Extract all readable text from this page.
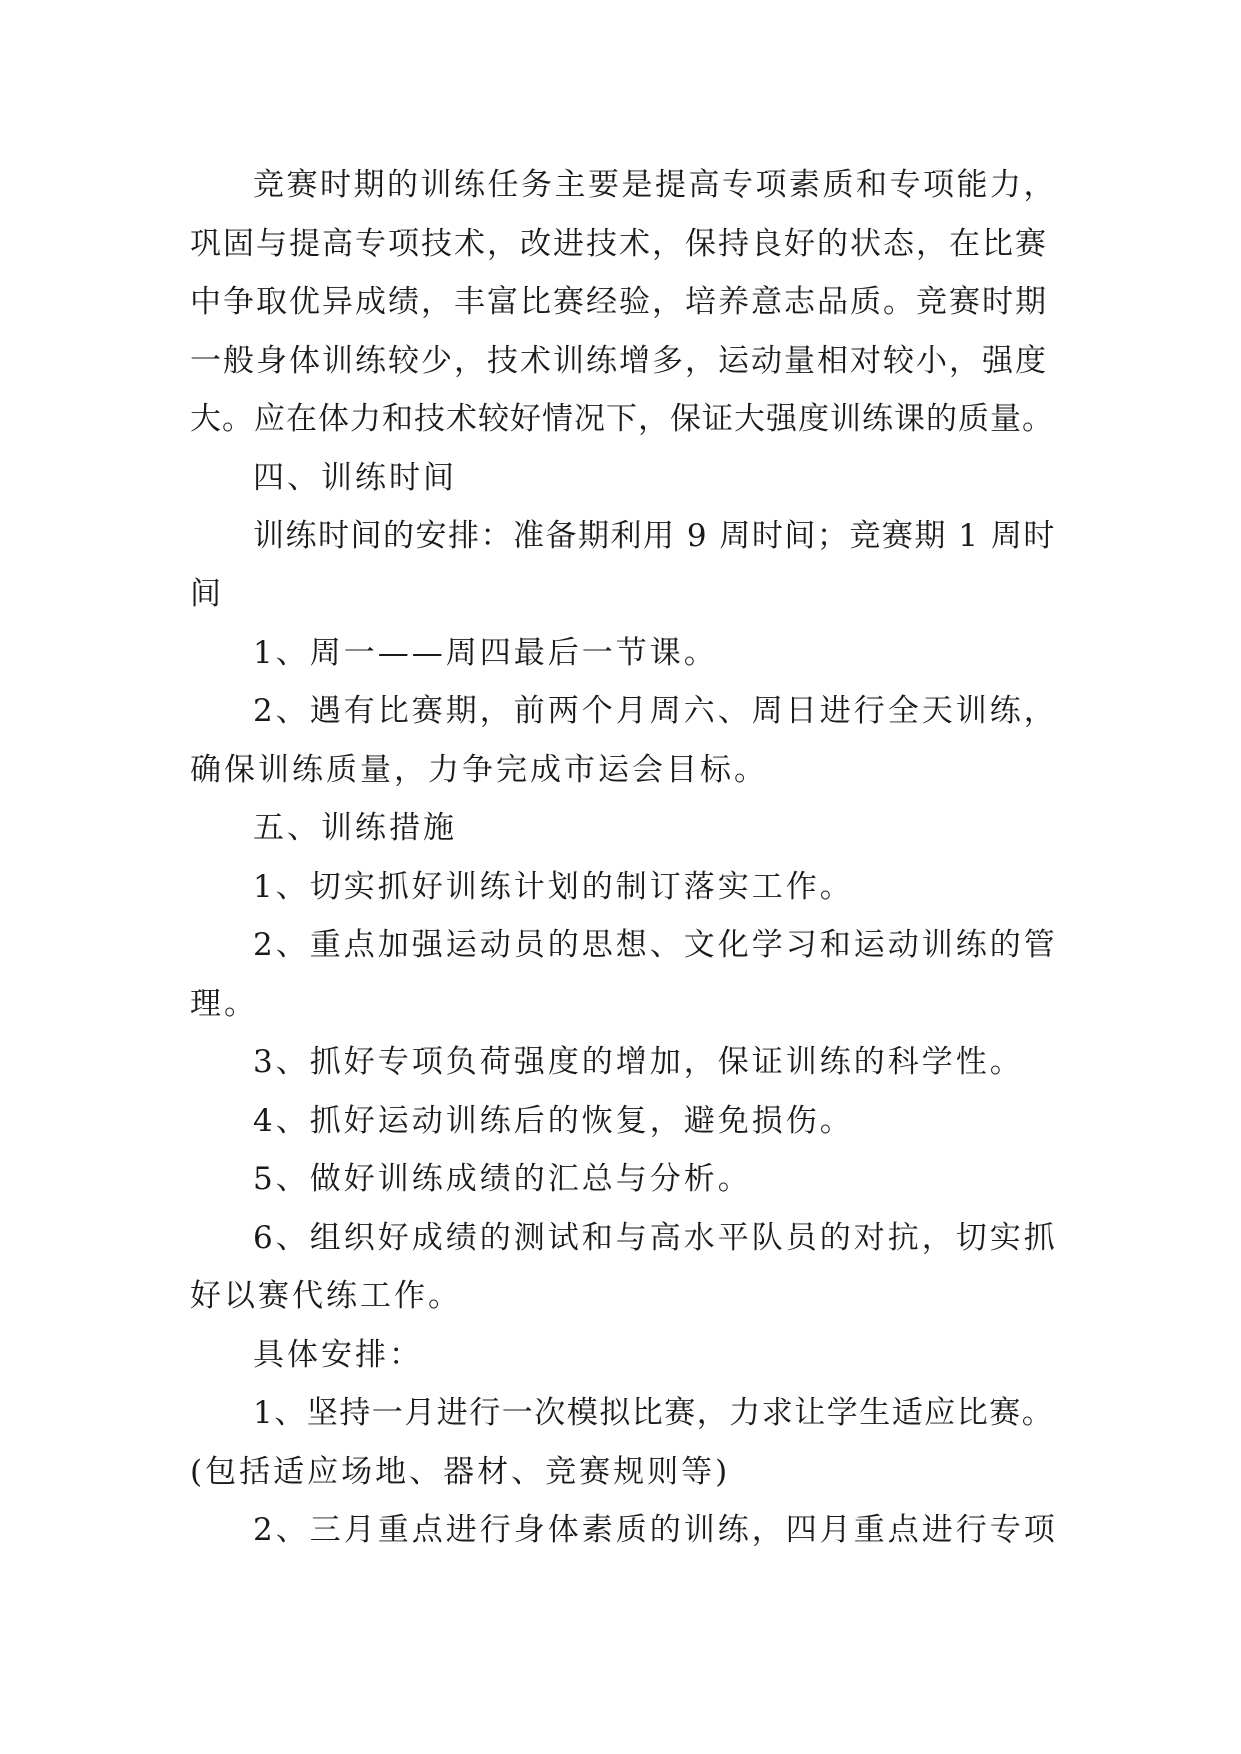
竞赛时期的训练任务主要是提高专项素质和专项能力，
巩固与提高专项技术，改进技术，保持良好的状态，在比赛
中争取优异成绩，丰富比赛经验，培养意志品质。竞赛时期
一般身体训练较少，技术训练增多，运动量相对较小，强度
大。应在体力和技术较好情况下，保证大强度训练课的质量。
四、训练时间
训练时间的安排：准备期利用 9 周时间；竞赛期 1 周时
间
1、周一——周四最后一节课。
2、遇有比赛期，前两个月周六、周日进行全天训练，
确保训练质量，力争完成市运会目标。
五、训练措施
1、切实抓好训练计划的制订落实工作。
2、重点加强运动员的思想、文化学习和运动训练的管
理。
3、抓好专项负荷强度的增加，保证训练的科学性。
4、抓好运动训练后的恢复，避免损伤。
5、做好训练成绩的汇总与分析。
6、组织好成绩的测试和与高水平队员的对抗，切实抓
好以赛代练工作。
具体安排：
1、坚持一月进行一次模拟比赛，力求让学生适应比赛。
(包括适应场地、器材、竞赛规则等)
2、三月重点进行身体素质的训练，四月重点进行专项
